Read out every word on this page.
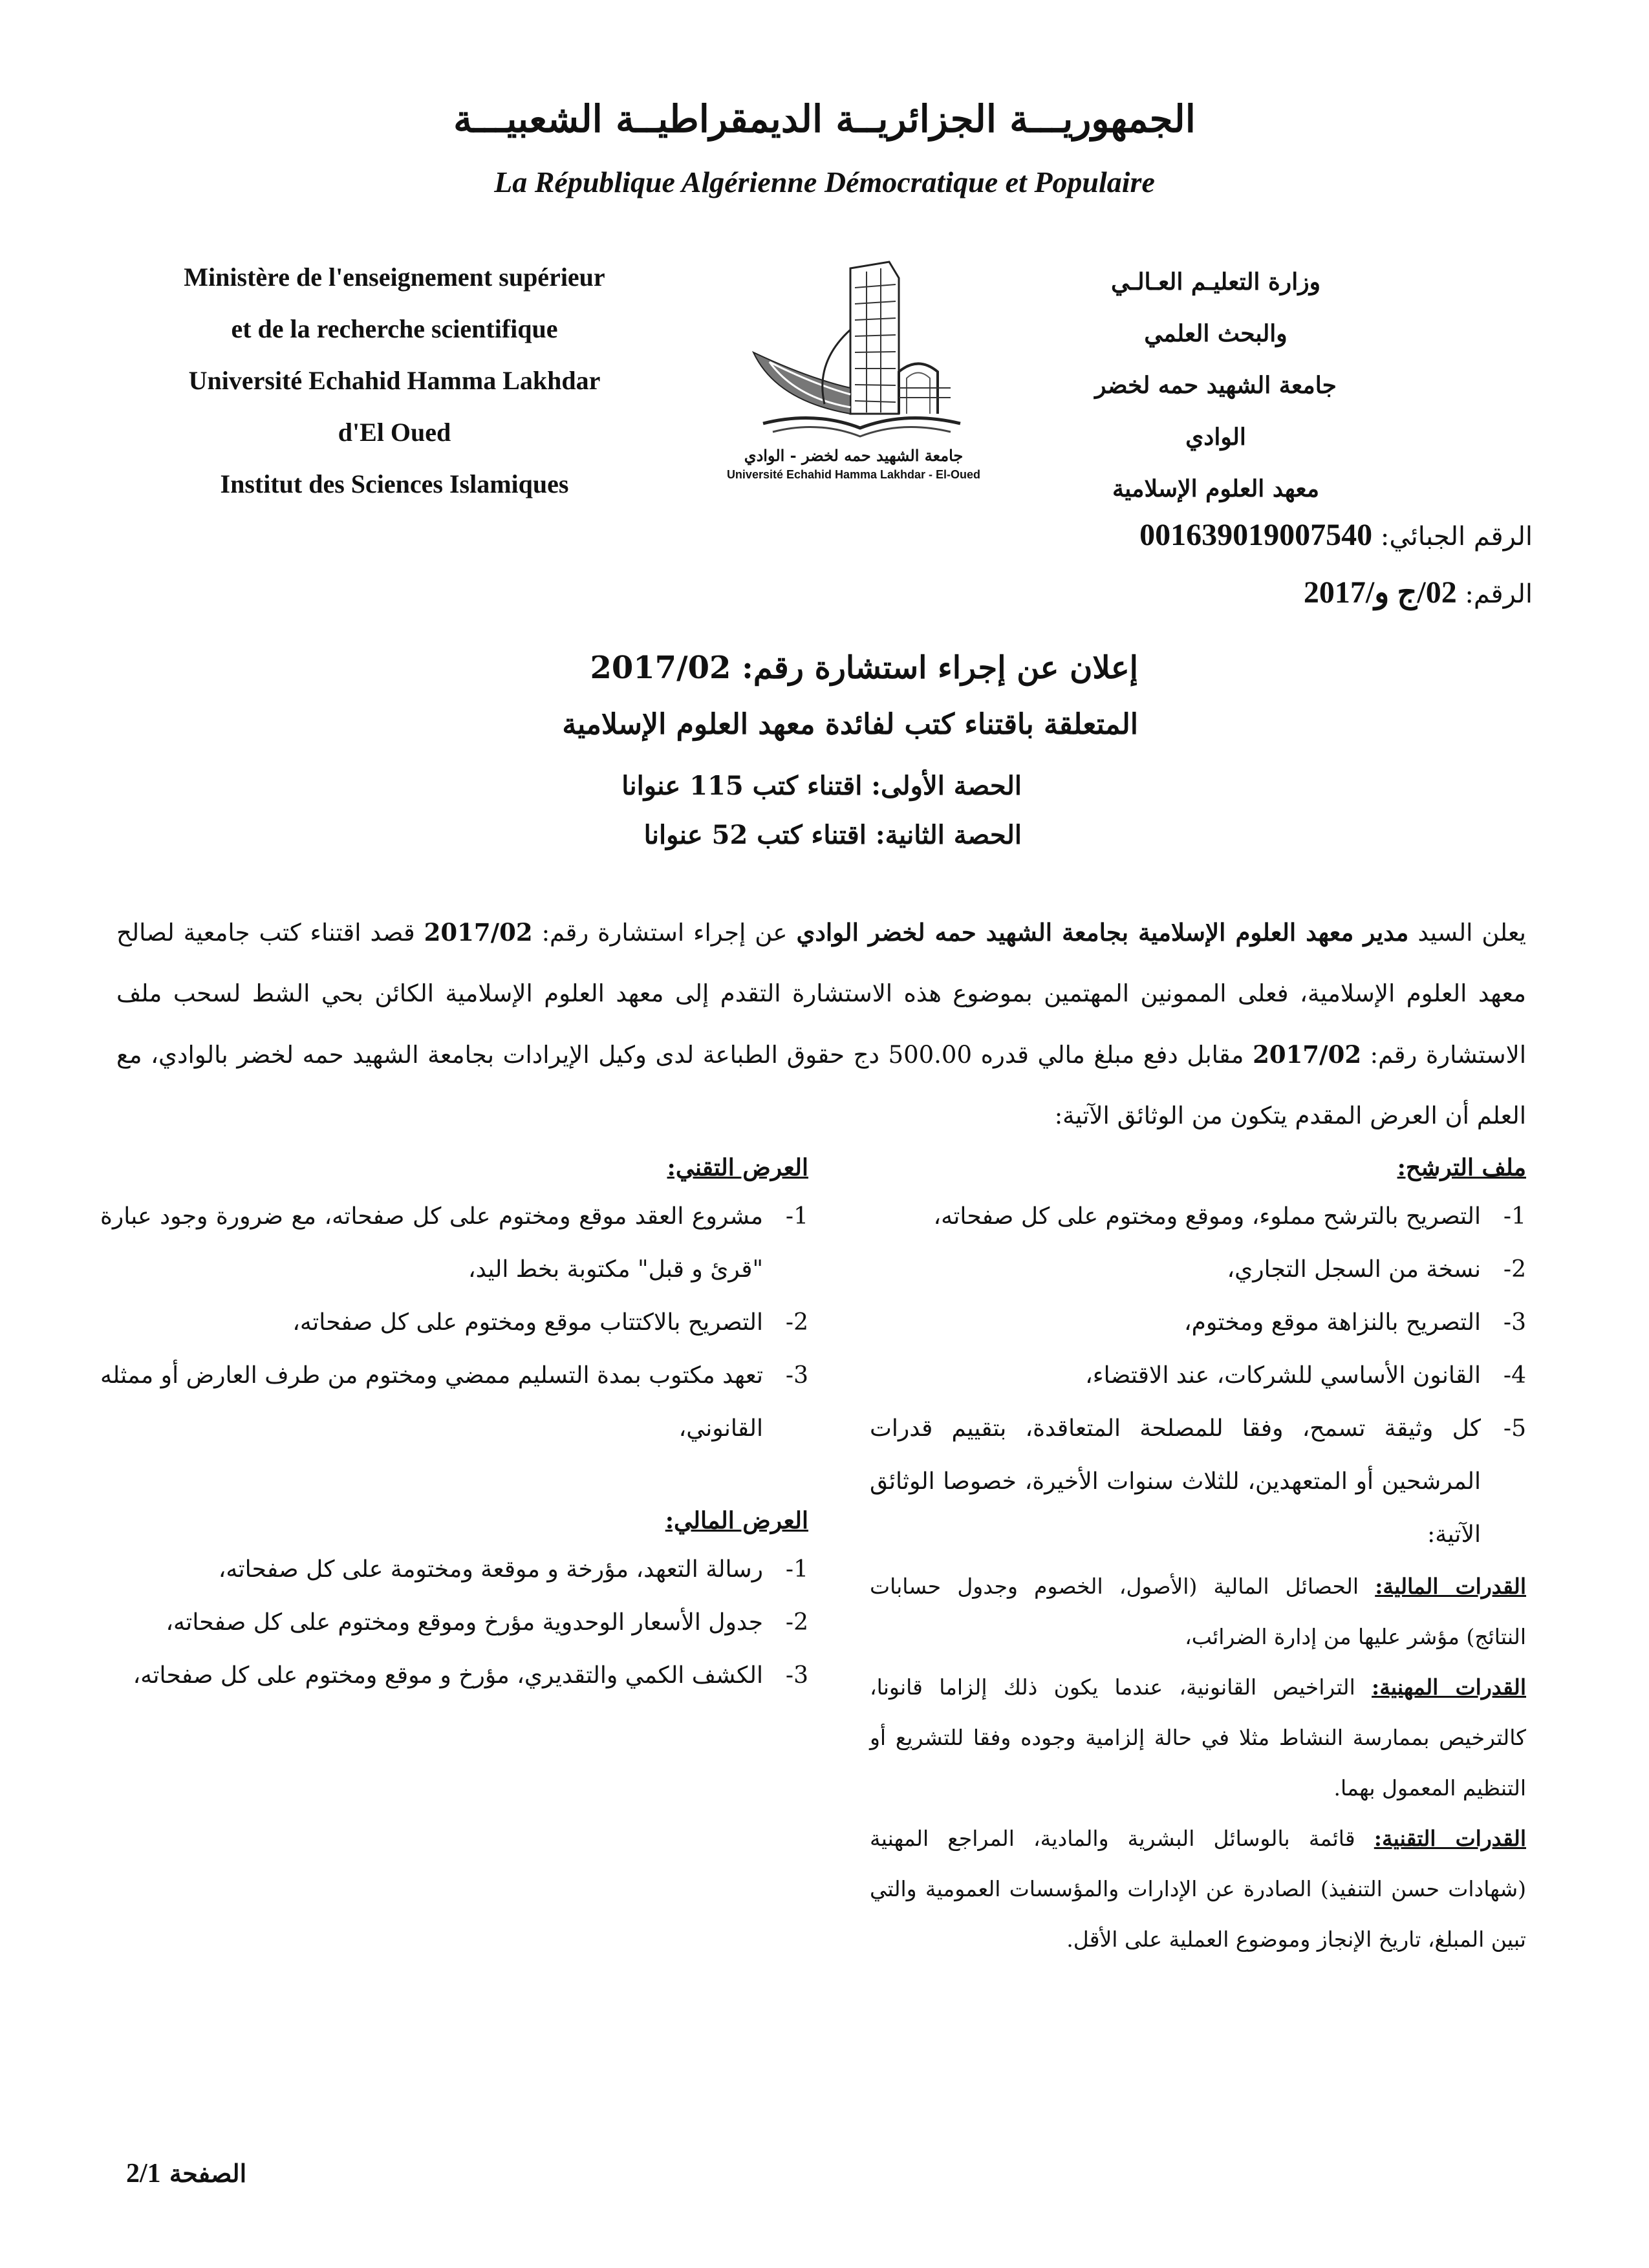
الجمهوريـــة الجزائريــة الديمقراطيــة الشعبيـــة
La République Algérienne Démocratique et Populaire
Ministère de l'enseignement supérieur
et de la recherche scientifique
Université Echahid Hamma Lakhdar
d'El Oued
Institut des Sciences Islamiques
وزارة التعليـم العـالـي
والبحث العلمي
جامعة الشهيد حمه لخضر
الوادي
معهد العلوم الإسلامية
جامعة الشهيد حمه لخضر - الوادي
Université Echahid Hamma Lakhdar - El-Oued
الرقم الجبائي: 001639019007540
الرقم: 02/ج و/2017
إعلان عن إجراء استشارة رقم: 2017/02
المتعلقة باقتناء كتب لفائدة معهد العلوم الإسلامية
الحصة الأولى: اقتناء كتب 115 عنوانا
الحصة الثانية: اقتناء كتب 52 عنوانا
يعلن السيد مدير معهد العلوم الإسلامية بجامعة الشهيد حمه لخضر الوادي عن إجراء استشارة رقم: 2017/02 قصد اقتناء كتب جامعية لصالح معهد العلوم الإسلامية، فعلى الممونين المهتمين بموضوع هذه الاستشارة التقدم إلى معهد العلوم الإسلامية الكائن بحي الشط لسحب ملف الاستشارة رقم: 2017/02 مقابل دفع مبلغ مالي قدره 500.00 دج حقوق الطباعة لدى وكيل الإيرادات بجامعة الشهيد حمه لخضر بالوادي، مع العلم أن العرض المقدم يتكون من الوثائق الآتية:
ملف الترشح:
1-
التصريح بالترشح مملوء، وموقع ومختوم على كل صفحاته،
2-
نسخة من السجل التجاري،
3-
التصريح بالنزاهة موقع ومختوم،
4-
القانون الأساسي للشركات، عند الاقتضاء،
5-
كل وثيقة تسمح، وفقا للمصلحة المتعاقدة، بتقييم قدرات المرشحين أو المتعهدين، للثلاث سنوات الأخيرة، خصوصا الوثائق الآتية:
القدرات المالية: الحصائل المالية (الأصول، الخصوم وجدول حسابات النتائج) مؤشر عليها من إدارة الضرائب،
القدرات المهنية: التراخيص القانونية، عندما يكون ذلك إلزاما قانونا، كالترخيص بممارسة النشاط مثلا في حالة إلزامية وجوده وفقا للتشريع أو التنظيم المعمول بهما.
القدرات التقنية: قائمة بالوسائل البشرية والمادية، المراجع المهنية (شهادات حسن التنفيذ) الصادرة عن الإدارات والمؤسسات العمومية والتي تبين المبلغ، تاريخ الإنجاز وموضوع العملية على الأقل.
العرض التقني:
1-
مشروع العقد موقع ومختوم على كل صفحاته، مع ضرورة وجود عبارة "قرئ و قبل" مكتوبة بخط اليد،
2-
التصريح بالاكتتاب موقع ومختوم على كل صفحاته،
3-
تعهد مكتوب بمدة التسليم ممضي ومختوم من طرف العارض أو ممثله القانوني،
العرض المالي:
1-
رسالة التعهد، مؤرخة و موقعة ومختومة على كل صفحاته،
2-
جدول الأسعار الوحدوية مؤرخ وموقع ومختوم على كل صفحاته،
3-
الكشف الكمي والتقديري، مؤرخ و موقع ومختوم على كل صفحاته،
الصفحة 2/1
